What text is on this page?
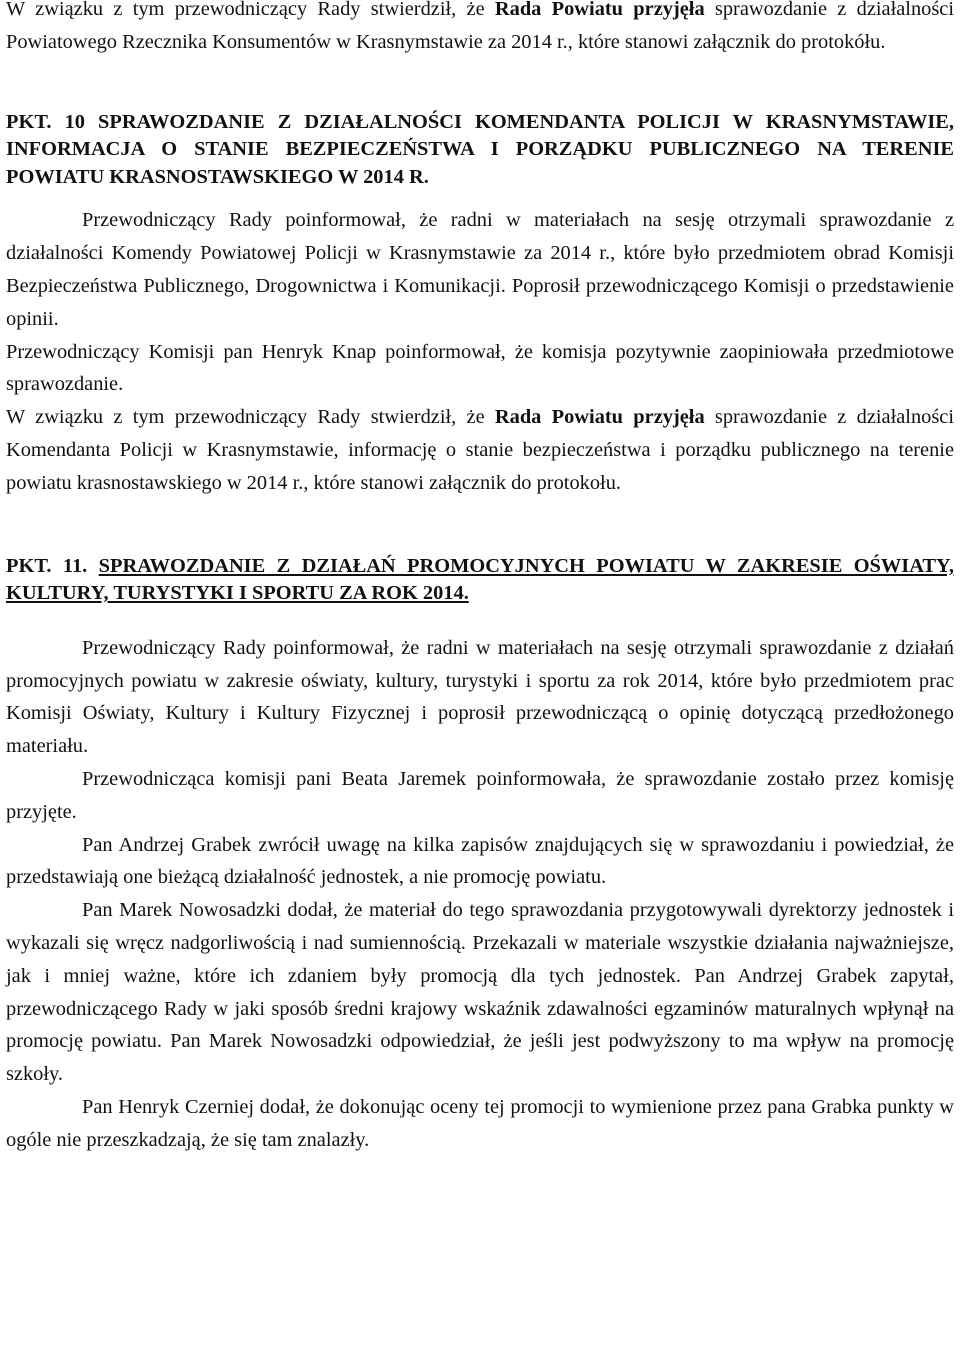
W związku z tym przewodniczący Rady stwierdził, że Rada Powiatu przyjęła sprawozdanie z działalności Powiatowego Rzecznika Konsumentów w Krasnymstawie za 2014 r., które stanowi załącznik do protokółu.

PKT. 10 SPRAWOZDANIE Z DZIAŁALNOŚCI KOMENDANTA POLICJI W KRASNYMSTAWIE, INFORMACJA O STANIE BEZPIECZEŃSTWA I PORZĄDKU PUBLICZNEGO NA TERENIE POWIATU KRASNOSTAWSKIEGO W 2014 R.

Przewodniczący Rady poinformował, że radni w materiałach na sesję otrzymali sprawozdanie z działalności Komendy Powiatowej Policji w Krasnymstawie za 2014 r., które było przedmiotem obrad Komisji Bezpieczeństwa Publicznego, Drogownictwa i Komunikacji. Poprosił przewodniczącego Komisji o przedstawienie opinii.

Przewodniczący Komisji pan Henryk Knap poinformował, że komisja pozytywnie zaopiniowała przedmiotowe sprawozdanie.

W związku z tym przewodniczący Rady stwierdził, że Rada Powiatu przyjęła sprawozdanie z działalności Komendanta Policji w Krasnymstawie, informację o stanie bezpieczeństwa i porządku publicznego na terenie powiatu krasnostawskiego w 2014 r., które stanowi załącznik do protokołu.

PKT. 11. SPRAWOZDANIE Z DZIAŁAŃ PROMOCYJNYCH POWIATU W ZAKRESIE OŚWIATY, KULTURY, TURYSTYKI I SPORTU ZA ROK 2014.

Przewodniczący Rady poinformował, że radni w materiałach na sesję otrzymali sprawozdanie z działań promocyjnych powiatu w zakresie oświaty, kultury, turystyki i sportu za rok 2014, które było przedmiotem prac Komisji Oświaty, Kultury i Kultury Fizycznej i poprosił przewodniczącą o opinię dotyczącą przedłożonego materiału.

Przewodnicząca komisji pani Beata Jaremek poinformowała, że sprawozdanie zostało przez komisję przyjęte.

Pan Andrzej Grabek zwrócił uwagę na kilka zapisów znajdujących się w sprawozdaniu i powiedział, że przedstawiają one bieżącą działalność jednostek, a nie promocję powiatu.

Pan Marek Nowosadzki dodał, że materiał do tego sprawozdania przygotowywali dyrektorzy jednostek i wykazali się wręcz nadgorliwością i nad sumiennością. Przekazali w materiale wszystkie działania najważniejsze, jak i mniej ważne, które ich zdaniem były promocją dla tych jednostek. Pan Andrzej Grabek zapytał, przewodniczącego Rady w jaki sposób średni krajowy wskaźnik zdawalności egzaminów maturalnych wpłynął na promocję powiatu. Pan Marek Nowosadzki odpowiedział, że jeśli jest podwyższony to ma wpływ na promocję szkoły.

Pan Henryk Czerniej dodał, że dokonując oceny tej promocji to wymienione przez pana Grabka punkty w ogóle nie przeszkadzają, że się tam znalazły.
